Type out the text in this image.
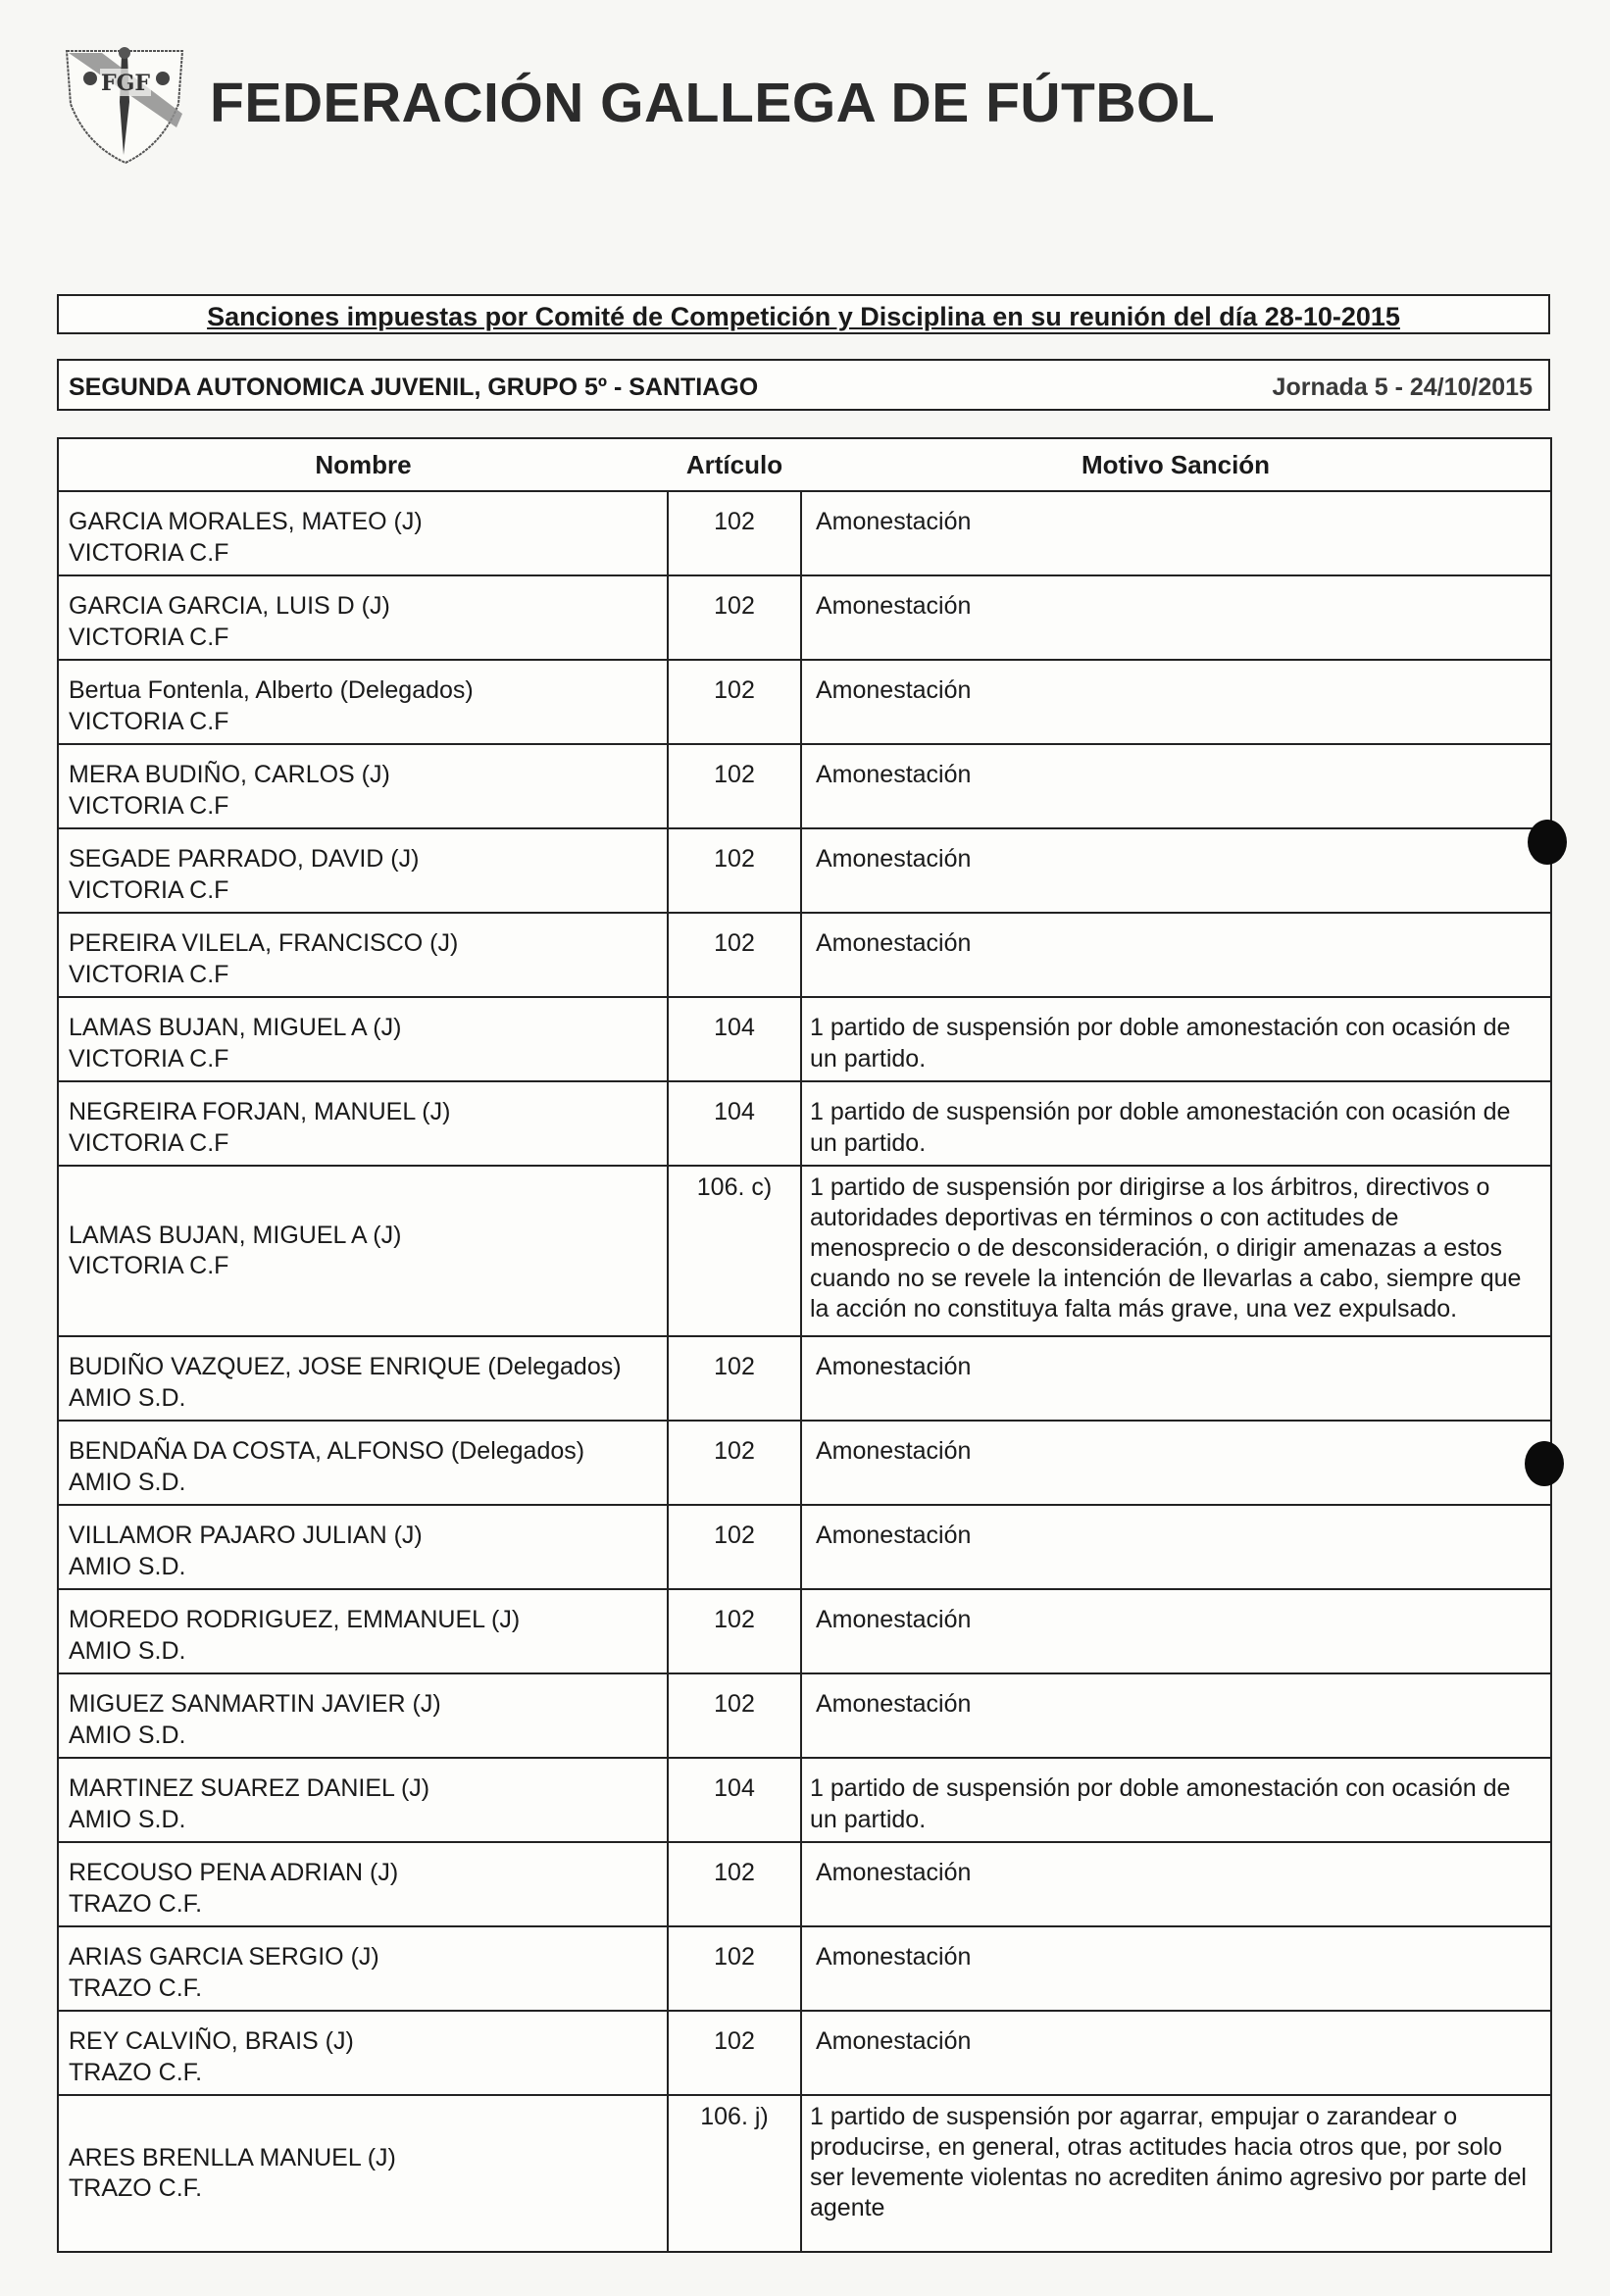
FGF FEDERACIÓN GALLEGA DE FÚTBOL
Sanciones impuestas por Comité de Competición y Disciplina en su reunión del día 28-10-2015
SEGUNDA AUTONOMICA JUVENIL, GRUPO 5º - SANTIAGO	Jornada 5 - 24/10/2015
Nombre	Artículo	Motivo Sanción

GARCIA MORALES, MATEO (J)
VICTORIA C.F	102	Amonestación

GARCIA GARCIA, LUIS D (J)
VICTORIA C.F	102	Amonestación

Bertua Fontenla, Alberto (Delegados)
VICTORIA C.F	102	Amonestación

MERA BUDIÑO, CARLOS (J)
VICTORIA C.F	102	Amonestación

SEGADE PARRADO, DAVID (J)
VICTORIA C.F	102	Amonestación

PEREIRA VILELA, FRANCISCO (J)
VICTORIA C.F	102	Amonestación

LAMAS BUJAN, MIGUEL A (J)
VICTORIA C.F	104	1 partido de suspensión por doble amonestación con ocasión de un partido.

NEGREIRA FORJAN, MANUEL (J)
VICTORIA C.F	104	1 partido de suspensión por doble amonestación con ocasión de un partido.

LAMAS BUJAN, MIGUEL A (J)
VICTORIA C.F	106. c)	1 partido de suspensión por dirigirse a los árbitros, directivos o autoridades deportivas en términos o con actitudes de menosprecio o de desconsideración, o dirigir amenazas a estos cuando no se revele la intención de llevarlas a cabo, siempre que la acción no constituya falta más grave, una vez expulsado.

BUDIÑO VAZQUEZ, JOSE ENRIQUE (Delegados)
AMIO S.D.	102	Amonestación

BENDAÑA DA COSTA, ALFONSO (Delegados)
AMIO S.D.	102	Amonestación

VILLAMOR PAJARO JULIAN (J)
AMIO S.D.	102	Amonestación

MOREDO RODRIGUEZ, EMMANUEL (J)
AMIO S.D.	102	Amonestación

MIGUEZ SANMARTIN JAVIER (J)
AMIO S.D.	102	Amonestación

MARTINEZ SUAREZ DANIEL (J)
AMIO S.D.	104	1 partido de suspensión por doble amonestación con ocasión de un partido.

RECOUSO PENA ADRIAN (J)
TRAZO C.F.	102	Amonestación

ARIAS GARCIA SERGIO (J)
TRAZO C.F.	102	Amonestación

REY CALVIÑO, BRAIS (J)
TRAZO C.F.	102	Amonestación

ARES BRENLLA MANUEL (J)
TRAZO C.F.	106. j)	1 partido de suspensión por agarrar, empujar o zarandear o producirse, en general, otras actitudes hacia otros que, por solo ser levemente violentas no acrediten ánimo agresivo por parte del agente
